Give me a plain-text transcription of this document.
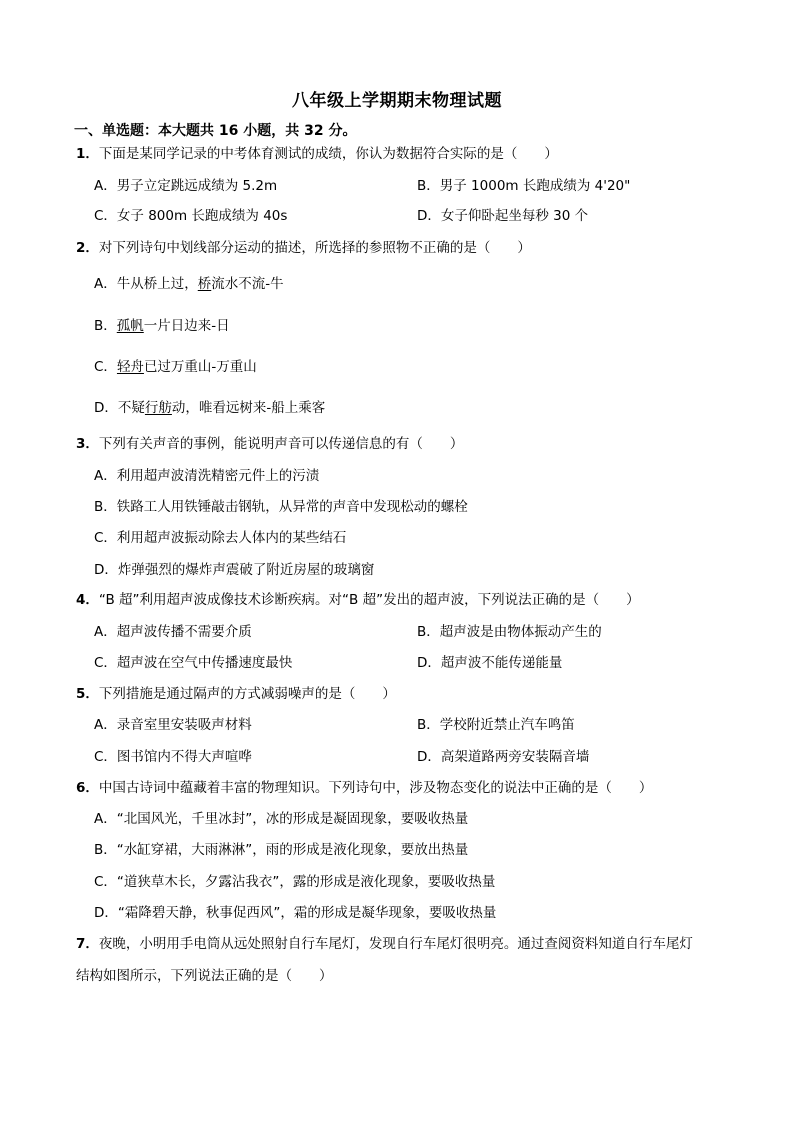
八年级上学期期末物理试题
一、单选题：本大题共 16 小题，共 32 分。
1．下面是某同学记录的中考体育测试的成绩，你认为数据符合实际的是（　　）
A．男子立定跳远成绩为 5.2m	B．男子 1000m 长跑成绩为 4'20"
C．女子 800m 长跑成绩为 40s	D．女子仰卧起坐每秒 30 个
2．对下列诗句中划线部分运动的描述，所选择的参照物不正确的是（　　）
A．牛从桥上过，桥流水不流-牛
B．孤帆一片日边来-日
C．轻舟已过万重山-万重山
D．不疑行舫动，唯看远树来-船上乘客
3．下列有关声音的事例，能说明声音可以传递信息的有（　　）
A．利用超声波清洗精密元件上的污渍
B．铁路工人用铁锤敲击钢轨，从异常的声音中发现松动的螺栓
C．利用超声波振动除去人体内的某些结石
D．炸弹强烈的爆炸声震破了附近房屋的玻璃窗
4．“B 超”利用超声波成像技术诊断疾病。对“B 超”发出的超声波，下列说法正确的是（　　）
A．超声波传播不需要介质	B．超声波是由物体振动产生的
C．超声波在空气中传播速度最快	D．超声波不能传递能量
5．下列措施是通过隔声的方式减弱噪声的是（　　）
A．录音室里安装吸声材料	B．学校附近禁止汽车鸣笛
C．图书馆内不得大声喧哗	D．高架道路两旁安装隔音墙
6．中国古诗词中蕴藏着丰富的物理知识。下列诗句中，涉及物态变化的说法中正确的是（　　）
A．“北国风光，千里冰封”，冰的形成是凝固现象，要吸收热量
B．“水缸穿裙，大雨淋淋”，雨的形成是液化现象，要放出热量
C．“道狭草木长，夕露沾我衣”，露的形成是液化现象，要吸收热量
D．“霜降碧天静，秋事促西风”，霜的形成是凝华现象，要吸收热量
7．夜晚，小明用手电筒从远处照射自行车尾灯，发现自行车尾灯很明亮。通过查阅资料知道自行车尾灯
结构如图所示，下列说法正确的是（　　）
